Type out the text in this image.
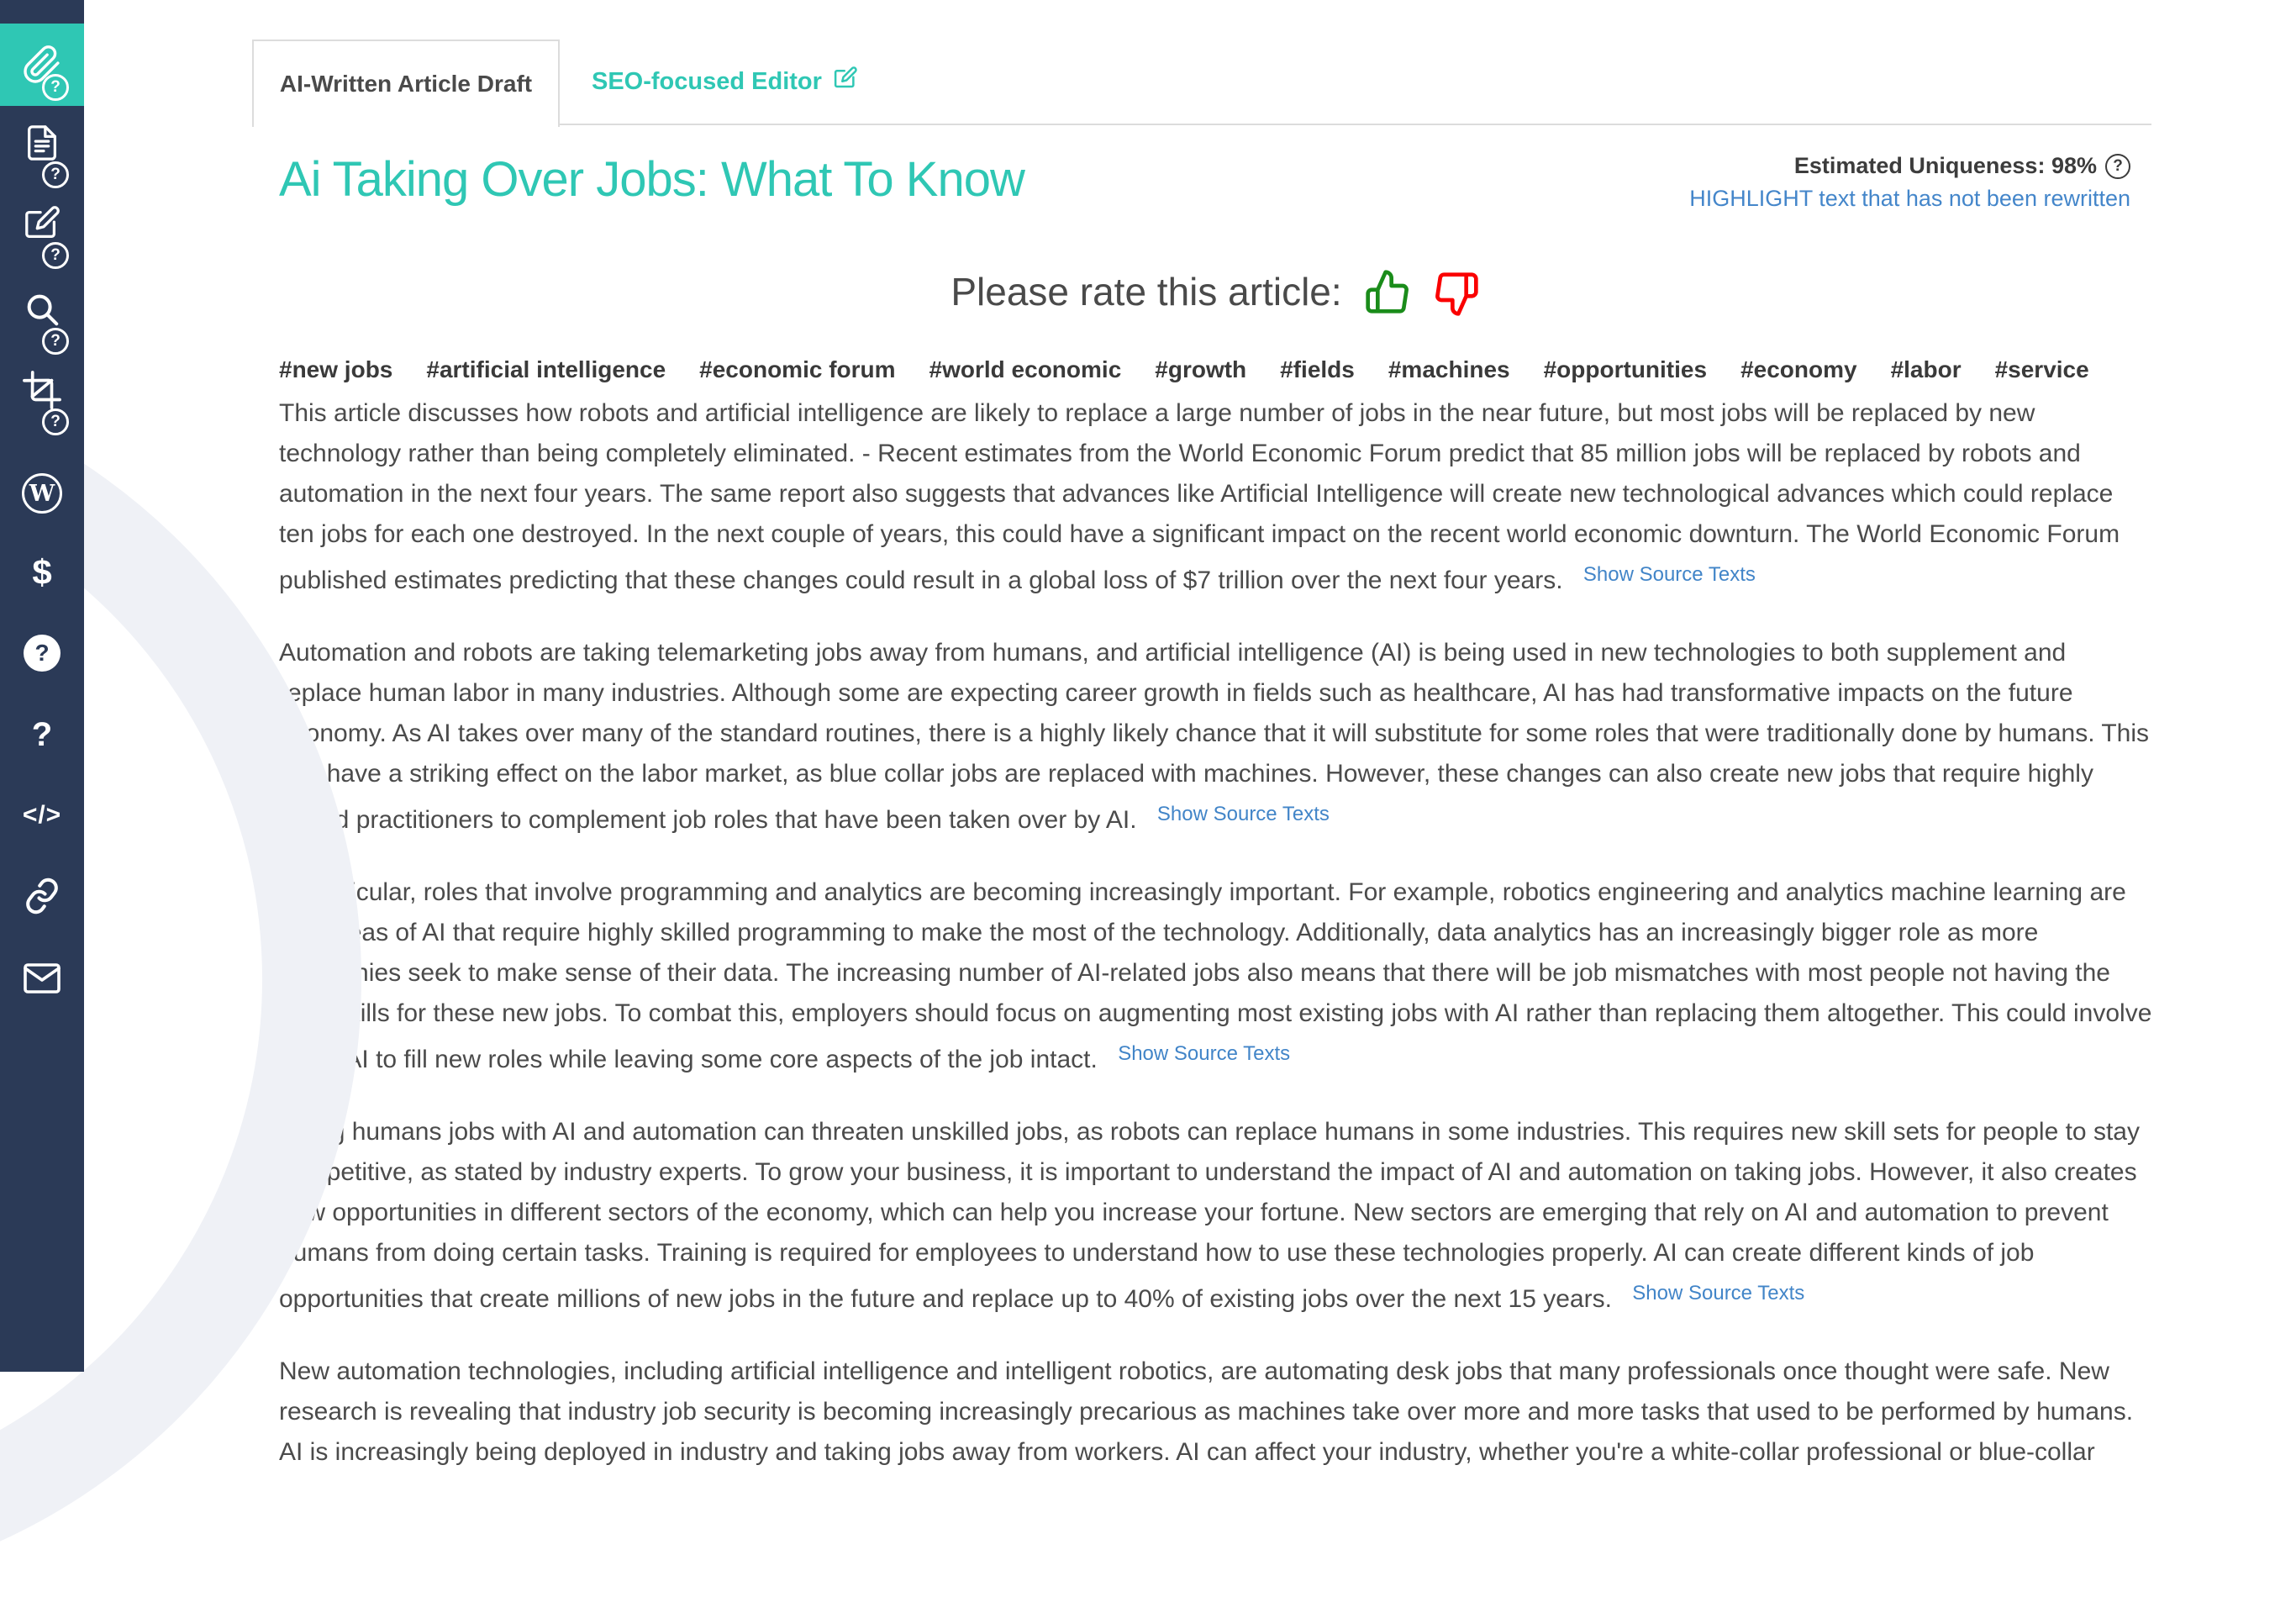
?
?
?
?
?
W
$
?
?
</>
AI-Written Article Draft SEO-focused Editor
Ai Taking Over Jobs: What To Know	Estimated Uniqueness: 98%	?
HIGHLIGHT text that has not been rewritten
Please rate this article:
#new jobs #artificial intelligence #economic forum #world economic #growth #fields #machines #opportunities #economy #labor #service

This article discusses how robots and artificial intelligence are likely to replace a large number of jobs in the near future, but most jobs will be replaced by new technology rather than being completely eliminated. - Recent estimates from the World Economic Forum predict that 85 million jobs will be replaced by robots and automation in the next four years. The same report also suggests that advances like Artificial Intelligence will create new technological advances which could replace ten jobs for each one destroyed. In the next couple of years, this could have a significant impact on the recent world economic downturn. The World Economic Forum published estimates predicting that these changes could result in a global loss of $7 trillion over the next four years. $^{Show Source Texts}$

Automation and robots are taking telemarketing jobs away from humans, and artificial intelligence (AI) is being used in new technologies to both supplement and replace human labor in many industries. Although some are expecting career growth in fields such as healthcare, AI has had transformative impacts on the future economy. As AI takes over many of the standard routines, there is a highly likely chance that it will substitute for some roles that were traditionally done by humans. This can have a striking effect on the labor market, as blue collar jobs are replaced with machines. However, these changes can also create new jobs that require highly skilled practitioners to complement job roles that have been taken over by AI. $^{Show Source Texts}$

In particular, roles that involve programming and analytics are becoming increasingly important. For example, robotics engineering and analytics machine learning are two areas of AI that require highly skilled programming to make the most of the technology. Additionally, data analytics has an increasingly bigger role as more companies seek to make sense of their data. The increasing number of AI-related jobs also means that there will be job mismatches with most people not having the right skills for these new jobs. To combat this, employers should focus on augmenting most existing jobs with AI rather than replacing them altogether. This could involve using AI to fill new roles while leaving some core aspects of the job intact. $^{Show Source Texts}$

Doing humans jobs with AI and automation can threaten unskilled jobs, as robots can replace humans in some industries. This requires new skill sets for people to stay competitive, as stated by industry experts. To grow your business, it is important to understand the impact of AI and automation on taking jobs. However, it also creates new opportunities in different sectors of the economy, which can help you increase your fortune. New sectors are emerging that rely on AI and automation to prevent humans from doing certain tasks. Training is required for employees to understand how to use these technologies properly. AI can create different kinds of job opportunities that create millions of new jobs in the future and replace up to 40% of existing jobs over the next 15 years. $^{Show Source Texts}$

New automation technologies, including artificial intelligence and intelligent robotics, are automating desk jobs that many professionals once thought were safe. New research is revealing that industry job security is becoming increasingly precarious as machines take over more and more tasks that used to be performed by humans. AI is increasingly being deployed in industry and taking jobs away from workers. AI can affect your industry, whether you're a white-collar professional or blue-collar
